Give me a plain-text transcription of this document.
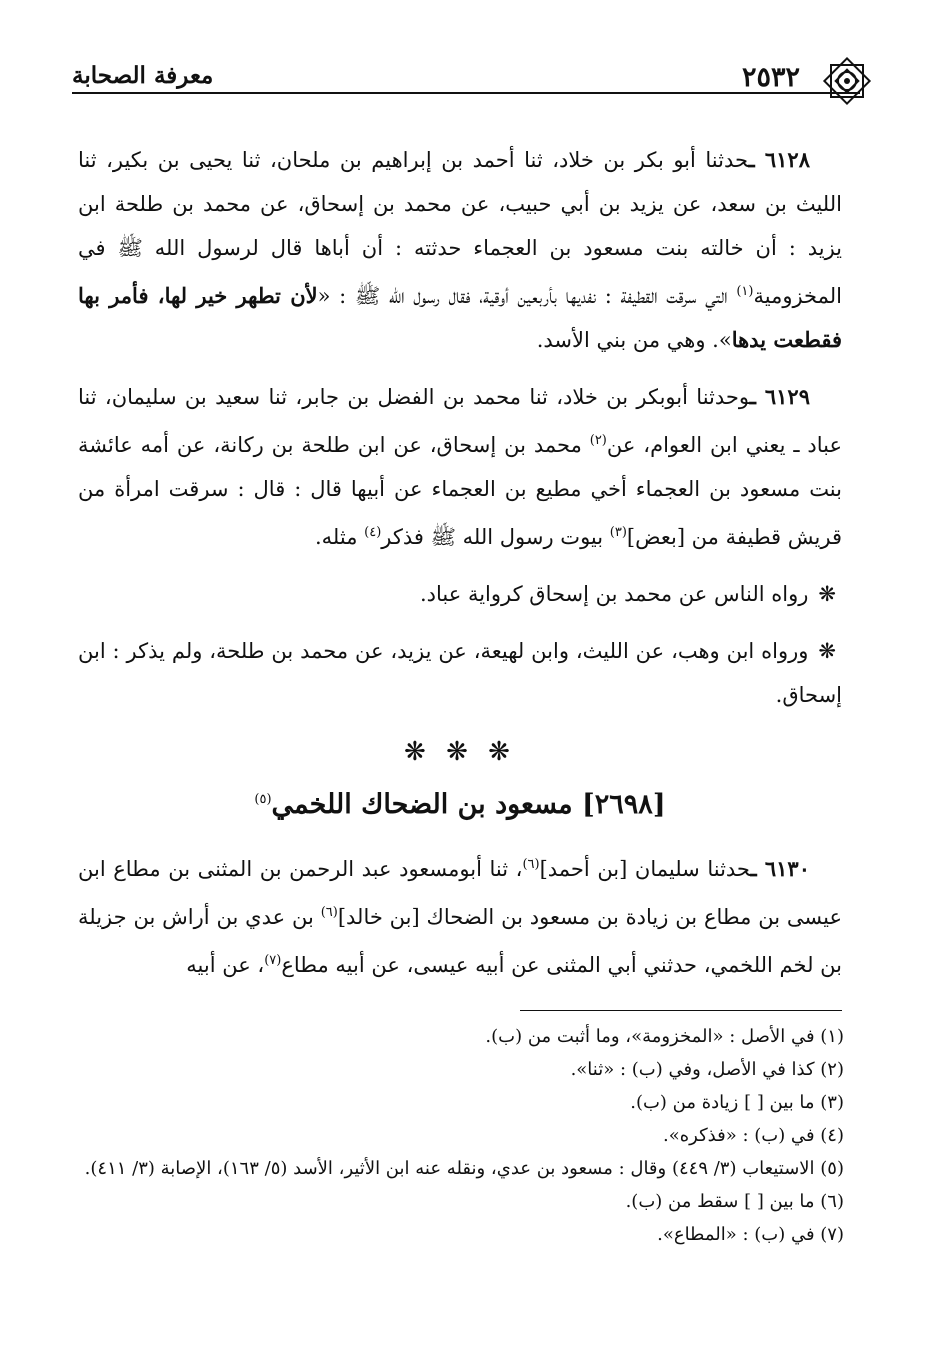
٢٥٣٢
معرفة الصحابة

٦١٢٨ ـحدثنا أبو بكر بن خلاد، ثنا أحمد بن إبراهيم بن ملحان، ثنا يحيى بن بكير، ثنا الليث بن سعد، عن يزيد بن أبي حبيب، عن محمد بن إسحاق، عن محمد بن طلحة ابن يزيد : أن خالته بنت مسعود بن العجماء حدثته : أن أباها قال لرسول الله ﷺ في المخزومية$^{(١)}$ التي سرقت القطيفة : نفديها بأربعين أوقية، فقال رسول الله ﷺ : «لأن تطهر خير لها، فأمر بها فقطعت يدها». وهي من بني الأسد.

٦١٢٩ ـوحدثنا أبوبكر بن خلاد، ثنا محمد بن الفضل بن جابر، ثنا سعيد بن سليمان، ثنا عباد ـ يعني ابن العوام، عن$^{(٢)}$ محمد بن إسحاق، عن ابن طلحة بن ركانة، عن أمه عائشة بنت مسعود بن العجماء أخي مطيع بن العجماء عن أبيها قال : قال : سرقت امرأة من قريش قطيفة من [بعض]$^{(٣)}$ بيوت رسول الله ﷺ فذكر$^{(٤)}$ مثله.

❋رواه الناس عن محمد بن إسحاق كرواية عباد.

❋ورواه ابن وهب، عن الليث، وابن لهيعة، عن يزيد، عن محمد بن طلحة، ولم يذكر : ابن إسحاق.

❋ ❋ ❋
[٢٦٩٨] مسعود بن الضحاك اللخمي$^{(٥)}$

٦١٣٠ ـحدثنا سليمان [بن أحمد]$^{(٦)}$، ثنا أبومسعود عبد الرحمن بن المثنى بن مطاع ابن عيسى بن مطاع بن زيادة بن مسعود بن الضحاك [بن خالد]$^{(٦)}$ بن عدي بن أراش بن جزيلة بن لخم اللخمي، حدثني أبي المثنى عن أبيه عيسى، عن أبيه مطاع$^{(٧)}$، عن أبيه

(١) في الأصل : «المخزومة»، وما أثبت من (ب).
(٢) كذا في الأصل، وفي (ب) : «ثنا».
(٣) ما بين [ ] زيادة من (ب).
(٤) في (ب) : «فذكره».
(٥) الاستيعاب (٣/ ٤٤٩) وقال : مسعود بن عدي، ونقله عنه ابن الأثير، الأسد (٥/ ١٦٣)، الإصابة (٣/ ٤١١).
(٦) ما بين [ ] سقط من (ب).
(٧) في (ب) : «المطاع».
